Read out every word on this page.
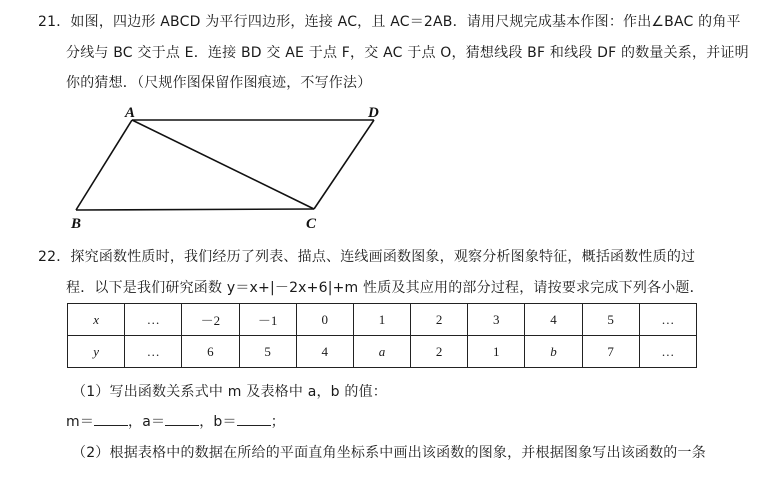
21．如图，四边形 ABCD 为平行四边形，连接 AC，且 AC＝2AB．请用尺规完成基本作图：作出∠BAC 的角平
分线与 BC 交于点 E．连接 BD 交 AE 于点 F，交 AC 于点 O，猜想线段 BF 和线段 DF 的数量关系，并证明
你的猜想．（尺规作图保留作图痕迹，不写作法）
A	D
B	C
22．探究函数性质时，我们经历了列表、描点、连线画函数图象，观察分析图象特征，概括函数性质的过
程．以下是我们研究函数 y＝x+|－2x+6|+m 性质及其应用的部分过程，请按要求完成下列各小题．
x	…	－2	－1	0	1	2	3	4	5	…
y	…	6	5	4	a	2	1	b	7	…
（1）写出函数关系式中 m 及表格中 a，b 的值：
m＝ ，a＝ ，b＝ ；
（2）根据表格中的数据在所给的平面直角坐标系中画出该函数的图象，并根据图象写出该函数的一条
